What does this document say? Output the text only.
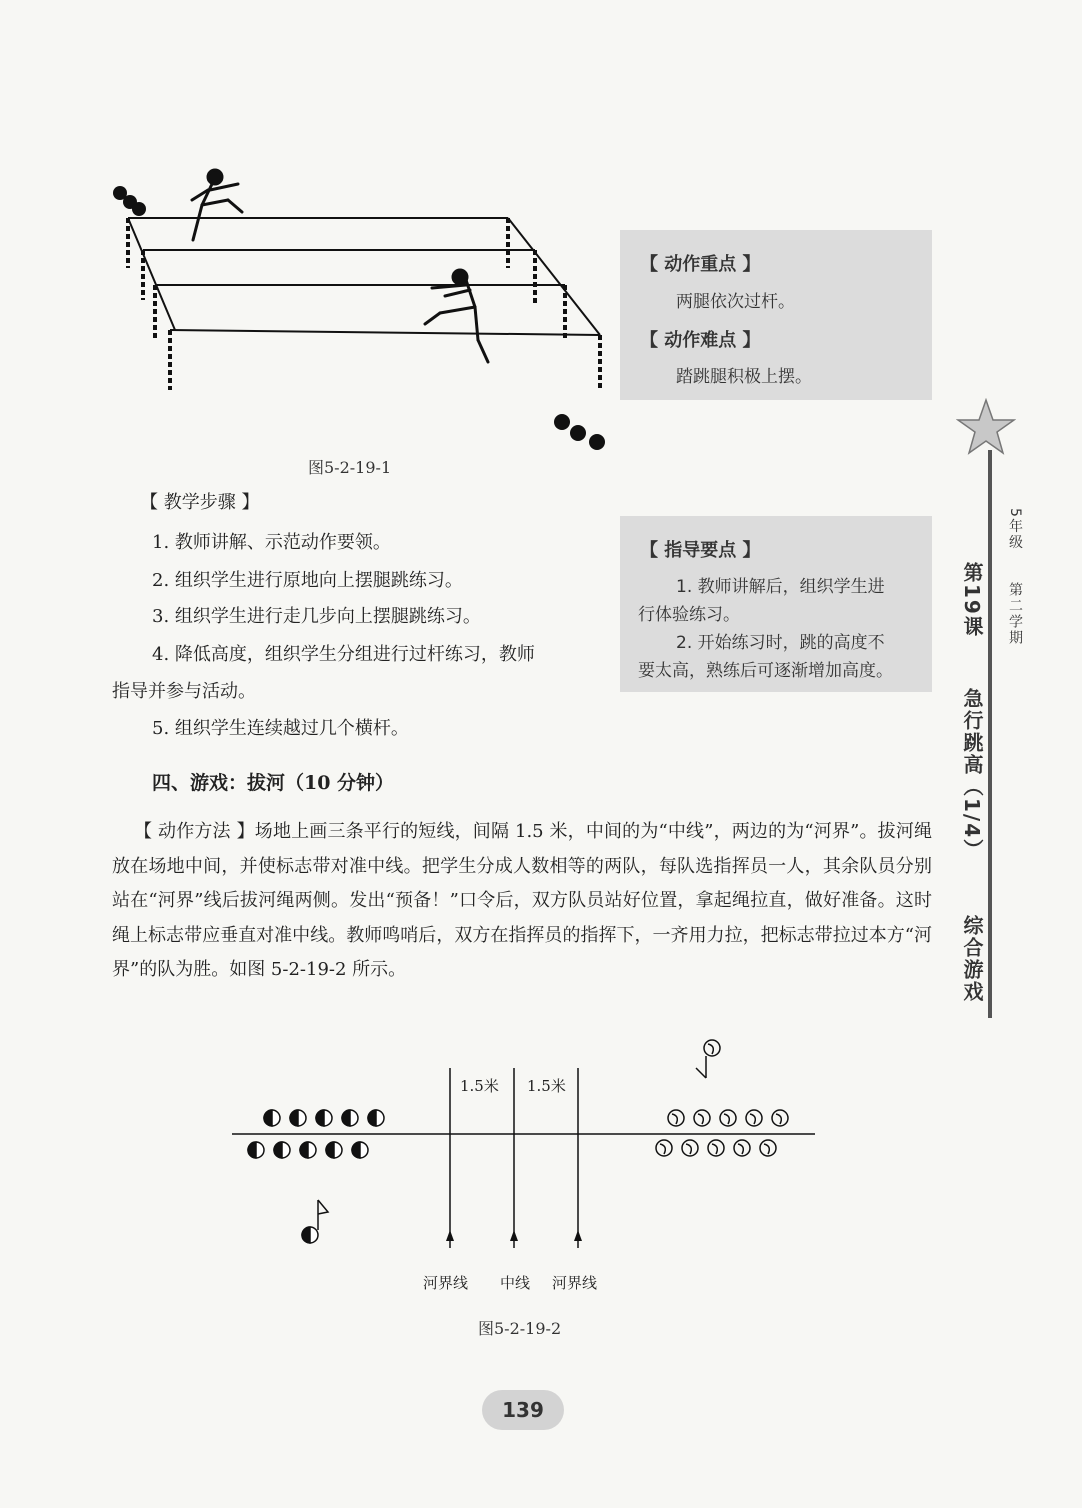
图5-2-19-1

【 动作重点 】

两腿依次过杆。

【 动作难点 】

踏跳腿积极上摆。

【 教学步骤 】
1. 教师讲解、示范动作要领。
2. 组织学生进行原地向上摆腿跳练习。
3. 组织学生进行走几步向上摆腿跳练习。
4. 降低高度，组织学生分组进行过杆练习，教师
指导并参与活动。
5. 组织学生连续越过几个横杆。

【 指导要点 】

1. 教师讲解后，组织学生进

行体验练习。

2. 开始练习时，跳的高度不

要太高，熟练后可逐渐增加高度。

四、游戏：拔河（10 分钟）
【 动作方法 】场地上画三条平行的短线，间隔 1.5 米，中间的为“中线”，两边的为“河界”。拔河绳放在场地中间，并使标志带对准中线。把学生分成人数相等的两队，每队选指挥员一人，其余队员分别站在“河界”线后拔河绳两侧。发出“预备！”口令后，双方队员站好位置，拿起绳拉直，做好准备。这时绳上标志带应垂直对准中线。教师鸣哨后，双方在指挥员的指挥下，一齐用力拉，把标志带拉过本方“河界”的队为胜。如图 5-2-19-2 所示。
1.5米 1.5米
河界线 中线 河界线
图5-2-19-2
5年级
第二学期
第19课
急行跳高（1/4）
综合游戏
139
